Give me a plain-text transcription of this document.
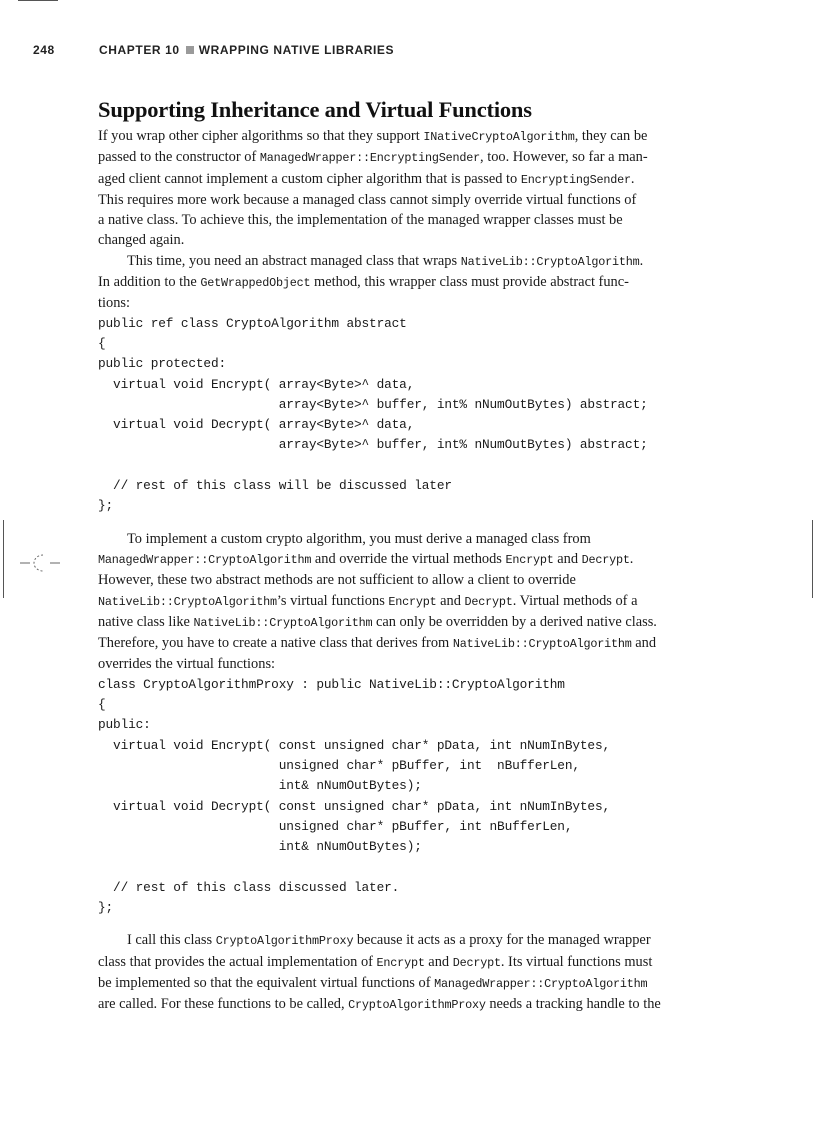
248	CHAPTER 10 WRAPPING NATIVE LIBRARIES
Supporting Inheritance and Virtual Functions
If you wrap other cipher algorithms so that they support INativeCryptoAlgorithm, they can be
passed to the constructor of ManagedWrapper::EncryptingSender, too. However, so far a man-
aged client cannot implement a custom cipher algorithm that is passed to EncryptingSender.
This requires more work because a managed class cannot simply override virtual functions of
a native class. To achieve this, the implementation of the managed wrapper classes must be
changed again.
This time, you need an abstract managed class that wraps NativeLib::CryptoAlgorithm.
In addition to the GetWrappedObject method, this wrapper class must provide abstract func-
tions:
public ref class CryptoAlgorithm abstract
{
public protected:
virtual void Encrypt( array<Byte>^ data,
array<Byte>^ buffer, int% nNumOutBytes) abstract;
virtual void Decrypt( array<Byte>^ data,
array<Byte>^ buffer, int% nNumOutBytes) abstract;

// rest of this class will be discussed later
};
To implement a custom crypto algorithm, you must derive a managed class from
ManagedWrapper::CryptoAlgorithm and override the virtual methods Encrypt and Decrypt.
However, these two abstract methods are not sufficient to allow a client to override
NativeLib::CryptoAlgorithm’s virtual functions Encrypt and Decrypt. Virtual methods of a
native class like NativeLib::CryptoAlgorithm can only be overridden by a derived native class.
Therefore, you have to create a native class that derives from NativeLib::CryptoAlgorithm and
overrides the virtual functions:
class CryptoAlgorithmProxy : public NativeLib::CryptoAlgorithm
{
public:
virtual void Encrypt( const unsigned char* pData, int nNumInBytes,
unsigned char* pBuffer, int  nBufferLen,
int& nNumOutBytes);
virtual void Decrypt( const unsigned char* pData, int nNumInBytes,
unsigned char* pBuffer, int nBufferLen,
int& nNumOutBytes);

// rest of this class discussed later.
};
I call this class CryptoAlgorithmProxy because it acts as a proxy for the managed wrapper
class that provides the actual implementation of Encrypt and Decrypt. Its virtual functions must
be implemented so that the equivalent virtual functions of ManagedWrapper::CryptoAlgorithm
are called. For these functions to be called, CryptoAlgorithmProxy needs a tracking handle to the
